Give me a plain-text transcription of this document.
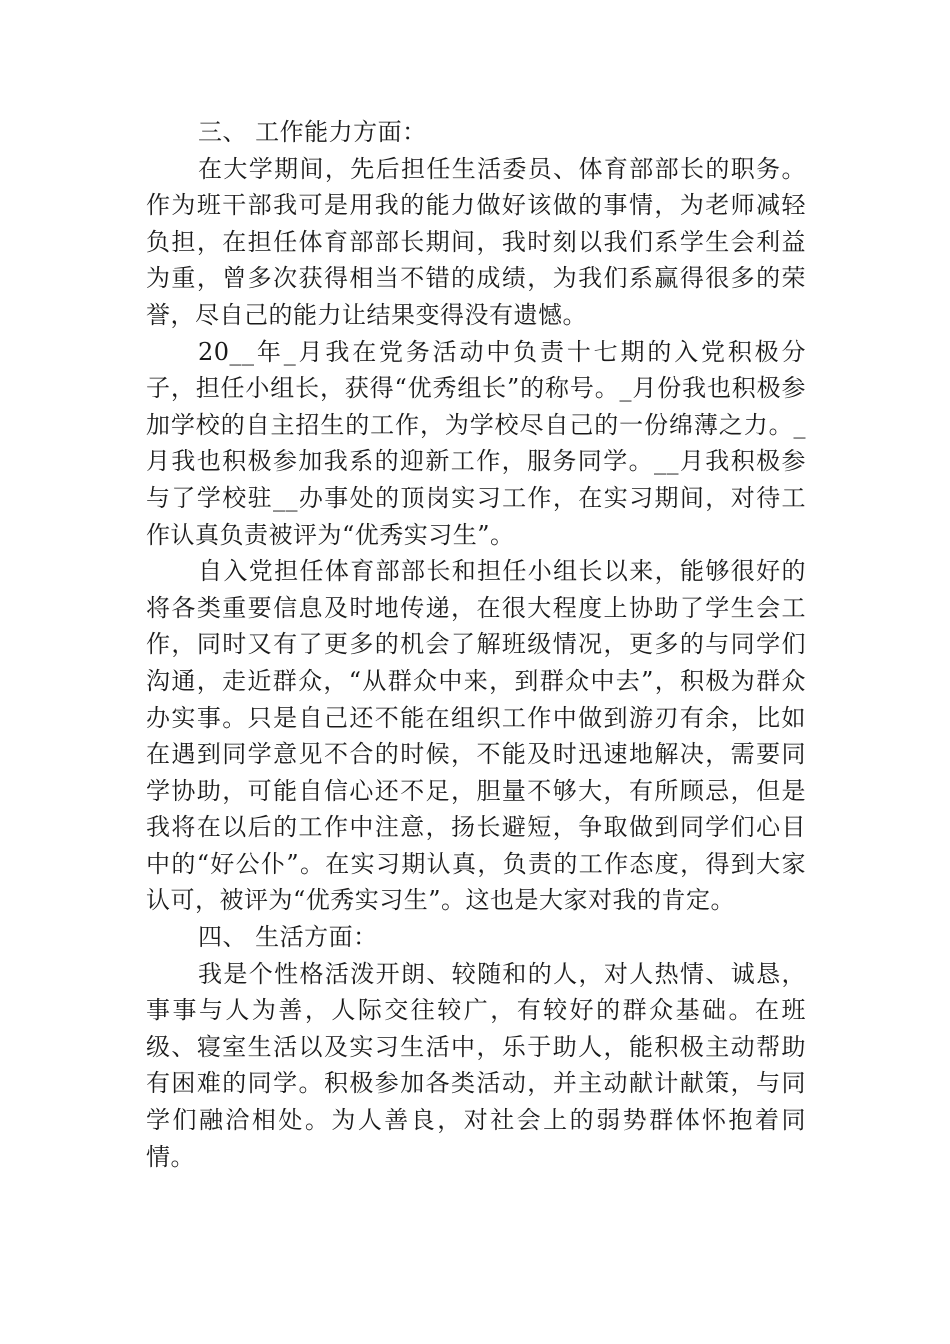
三、 工作能力方面：

在大学期间，先后担任生活委员、体育部部长的职务。作为班干部我可是用我的能力做好该做的事情，为老师减轻负担，在担任体育部部长期间，我时刻以我们系学生会利益为重，曾多次获得相当不错的成绩，为我们系赢得很多的荣誉，尽自己的能力让结果变得没有遗憾。

20__年_月我在党务活动中负责十七期的入党积极分子，担任小组长，获得“优秀组长”的称号。_月份我也积极参加学校的自主招生的工作，为学校尽自己的一份绵薄之力。_月我也积极参加我系的迎新工作，服务同学。__月我积极参与了学校驻__办事处的顶岗实习工作，在实习期间，对待工作认真负责被评为“优秀实习生”。

自入党担任体育部部长和担任小组长以来，能够很好的将各类重要信息及时地传递，在很大程度上协助了学生会工作，同时又有了更多的机会了解班级情况，更多的与同学们沟通，走近群众，“从群众中来，到群众中去”，积极为群众办实事。只是自己还不能在组织工作中做到游刃有余，比如在遇到同学意见不合的时候，不能及时迅速地解决，需要同学协助，可能自信心还不足，胆量不够大，有所顾忌，但是我将在以后的工作中注意，扬长避短，争取做到同学们心目中的“好公仆”。在实习期认真，负责的工作态度，得到大家认可，被评为“优秀实习生”。这也是大家对我的肯定。

四、 生活方面：

我是个性格活泼开朗、较随和的人，对人热情、诚恳，事事与人为善，人际交往较广，有较好的群众基础。在班级、寝室生活以及实习生活中，乐于助人，能积极主动帮助有困难的同学。积极参加各类活动，并主动献计献策，与同学们融洽相处。为人善良，对社会上的弱势群体怀抱着同情。
